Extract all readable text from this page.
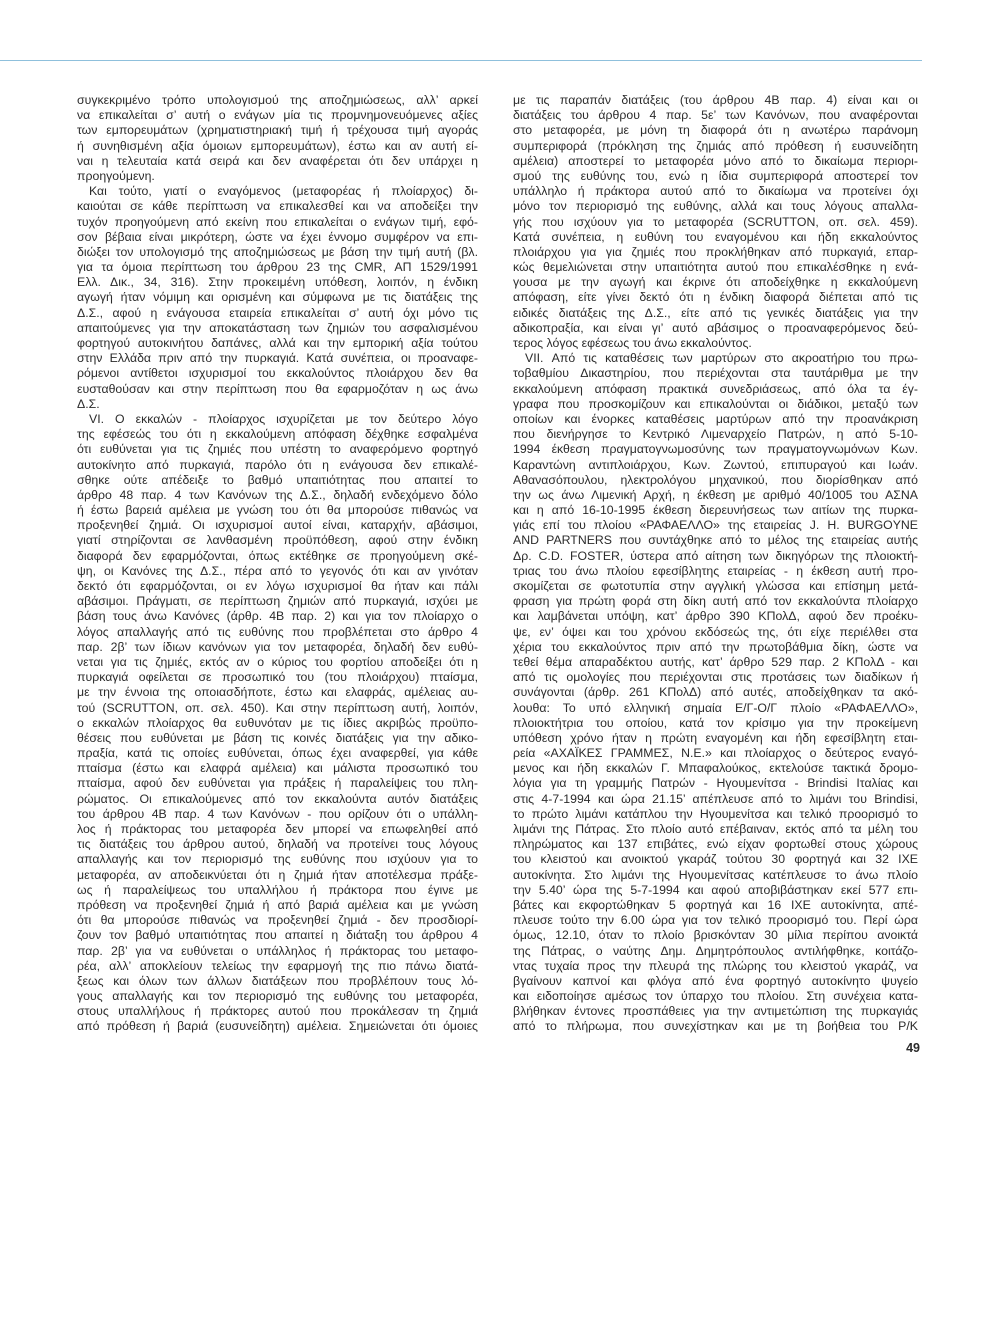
συγκεκριμένο τρόπο υπολογισμού της αποζημιώσεως, αλλ’ αρκεί
να επικαλείται σ’ αυτή ο ενάγων μία τις προμνημονευόμενες αξίες
των εμπορευμάτων (χρηματιστηριακή τιμή ή τρέχουσα τιμή αγοράς
ή συνηθισμένη αξία όμοιων εμπορευμάτων), έστω και αν αυτή εί-
ναι η τελευταία κατά σειρά και δεν αναφέρεται ότι δεν υπάρχει η
προηγούμενη.
Και τούτο, γιατί ο εναγόμενος (μεταφορέας ή πλοίαρχος) δι-
καιούται σε κάθε περίπτωση να επικαλεσθεί και να αποδείξει την
τυχόν προηγούμενη από εκείνη που επικαλείται ο ενάγων τιμή, εφό-
σον βέβαια είναι μικρότερη, ώστε να έχει έννομο συμφέρον να επι-
διώξει τον υπολογισμό της αποζημιώσεως με βάση την τιμή αυτή (βλ.
για τα όμοια περίπτωση του άρθρου 23 της CMR, ΑΠ 1529/1991
Ελλ. Δικ., 34, 316). Στην προκειμένη υπόθεση, λοιπόν, η ένδικη
αγωγή ήταν νόμιμη και ορισμένη και σύμφωνα με τις διατάξεις της
Δ.Σ., αφού η ενάγουσα εταιρεία επικαλείται σ’ αυτή όχι μόνο τις
απαιτούμενες για την αποκατάσταση των ζημιών του ασφαλισμένου
φορτηγού αυτοκινήτου δαπάνες, αλλά και την εμπορική αξία τούτου
στην Ελλάδα πριν από την πυρκαγιά. Κατά συνέπεια, οι προαναφε-
ρόμενοι αντίθετοι ισχυρισμοί του εκκαλούντος πλοιάρχου δεν θα
ευσταθούσαν και στην περίπτωση που θα εφαρμοζόταν η ως άνω
Δ.Σ.
VI. Ο εκκαλών - πλοίαρχος ισχυρίζεται με τον δεύτερο λόγο
της εφέσεώς του ότι η εκκαλούμενη απόφαση δέχθηκε εσφαλμένα
ότι ευθύνεται για τις ζημιές που υπέστη το αναφερόμενο φορτηγό
αυτοκίνητο από πυρκαγιά, παρόλο ότι η ενάγουσα δεν επικαλέ-
σθηκε ούτε απέδειξε το βαθμό υπαιτιότητας που απαιτεί το
άρθρο 48 παρ. 4 των Κανόνων της Δ.Σ., δηλαδή ενδεχόμενο δόλο
ή έστω βαρειά αμέλεια με γνώση του ότι θα μπορούσε πιθανώς να
προξενηθεί ζημιά. Οι ισχυρισμοί αυτοί είναι, καταρχήν, αβάσιμοι,
γιατί στηρίζονται σε λανθασμένη προϋπόθεση, αφού στην ένδικη
διαφορά δεν εφαρμόζονται, όπως εκτέθηκε σε προηγούμενη σκέ-
ψη, οι Κανόνες της Δ.Σ., πέρα από το γεγονός ότι και αν γινόταν
δεκτό ότι εφαρμόζονται, οι εν λόγω ισχυρισμοί θα ήταν και πάλι
αβάσιμοι. Πράγματι, σε περίπτωση ζημιών από πυρκαγιά, ισχύει με
βάση τους άνω Κανόνες (άρθρ. 4Β παρ. 2) και για τον πλοίαρχο ο
λόγος απαλλαγής από τις ευθύνης που προβλέπεται στο άρθρο 4
παρ. 2β’ των ίδιων κανόνων για τον μεταφορέα, δηλαδή δεν ευθύ-
νεται για τις ζημιές, εκτός αν ο κύριος του φορτίου αποδείξει ότι η
πυρκαγιά οφείλεται σε προσωπικό του (του πλοιάρχου) πταίσμα,
με την έννοια της οποιασδήποτε, έστω και ελαφράς, αμέλειας αυ-
τού (SCRUTTON, οπ. σελ. 450). Και στην περίπτωση αυτή, λοιπόν,
ο εκκαλών πλοίαρχος θα ευθυνόταν με τις ίδιες ακριβώς προϋπο-
θέσεις που ευθύνεται με βάση τις κοινές διατάξεις για την αδικο-
πραξία, κατά τις οποίες ευθύνεται, όπως έχει αναφερθεί, για κάθε
πταίσμα (έστω και ελαφρά αμέλεια) και μάλιστα προσωπικό του
πταίσμα, αφού δεν ευθύνεται για πράξεις ή παραλείψεις του πλη-
ρώματος. Οι επικαλούμενες από τον εκκαλούντα αυτόν διατάξεις
του άρθρου 4Β παρ. 4 των Κανόνων - που ορίζουν ότι ο υπάλλη-
λος ή πράκτορας του μεταφορέα δεν μπορεί να επωφεληθεί από
τις διατάξεις του άρθρου αυτού, δηλαδή να προτείνει τους λόγους
απαλλαγής και τον περιορισμό της ευθύνης που ισχύουν για το
μεταφορέα, αν αποδεικνύεται ότι η ζημιά ήταν αποτέλεσμα πράξε-
ως ή παραλείψεως του υπαλλήλου ή πράκτορα που έγινε με
πρόθεση να προξενηθεί ζημιά ή από βαριά αμέλεια και με γνώση
ότι θα μπορούσε πιθανώς να προξενηθεί ζημιά - δεν προσδιορί-
ζουν τον βαθμό υπαιτιότητας που απαιτεί η διάταξη του άρθρου 4
παρ. 2β’ για να ευθύνεται ο υπάλληλος ή πράκτορας του μεταφο-
ρέα, αλλ’ αποκλείουν τελείως την εφαρμογή της πιο πάνω διατά-
ξεως και όλων των άλλων διατάξεων που προβλέπουν τους λό-
γους απαλλαγής και τον περιορισμό της ευθύνης του μεταφορέα,
στους υπαλλήλους ή πράκτορες αυτού που προκάλεσαν τη ζημιά
από πρόθεση ή βαριά (ευσυνείδητη) αμέλεια. Σημειώνεται ότι όμοιες
με τις παραπάν διατάξεις (του άρθρου 4Β παρ. 4) είναι και οι
διατάξεις του άρθρου 4 παρ. 5ε’ των Κανόνων, που αναφέρονται
στο μεταφορέα, με μόνη τη διαφορά ότι η ανωτέρω παράνομη
συμπεριφορά (πρόκληση της ζημιάς από πρόθεση ή ευσυνείδητη
αμέλεια) αποστερεί το μεταφορέα μόνο από το δικαίωμα περιορι-
σμού της ευθύνης του, ενώ η ίδια συμπεριφορά αποστερεί τον
υπάλληλο ή πράκτορα αυτού από το δικαίωμα να προτείνει όχι
μόνο τον περιορισμό της ευθύνης, αλλά και τους λόγους απαλλα-
γής που ισχύουν για το μεταφορέα (SCRUTTON, οπ. σελ. 459).
Κατά συνέπεια, η ευθύνη του εναγομένου και ήδη εκκαλούντος
πλοιάρχου για για ζημιές που προκλήθηκαν από πυρκαγιά, επαρ-
κώς θεμελιώνεται στην υπαιτιότητα αυτού που επικαλέσθηκε η ενά-
γουσα με την αγωγή και έκρινε ότι αποδείχθηκε η εκκαλούμενη
απόφαση, είτε γίνει δεκτό ότι η ένδικη διαφορά διέπεται από τις
ειδικές διατάξεις της Δ.Σ., είτε από τις γενικές διατάξεις για την
αδικοπραξία, και είναι γι’ αυτό αβάσιμος ο προαναφερόμενος δεύ-
τερος λόγος εφέσεως του άνω εκκαλούντος.
VII. Από τις καταθέσεις των μαρτύρων στο ακροατήριο του πρω-
τοβαθμίου Δικαστηρίου, που περιέχονται στα ταυτάριθμα με την
εκκαλούμενη απόφαση πρακτικά συνεδριάσεως, από όλα τα έγ-
γραφα που προσκομίζουν και επικαλούνται οι διάδικοι, μεταξύ των
οποίων και ένορκες καταθέσεις μαρτύρων από την προανάκριση
που διενήργησε το Κεντρικό Λιμεναρχείο Πατρών, η από 5-10-
1994 έκθεση πραγματογνωμοσύνης των πραγματογνωμόνων Κων.
Καραντώνη αντιπλοιάρχου, Κων. Ζωντού, επιπυραγού και Ιωάν.
Αθανασόπουλου, ηλεκτρολόγου μηχανικού, που διορίσθηκαν από
την ως άνω Λιμενική Αρχή, η έκθεση με αριθμό 40/1005 του ΑΣΝΑ
και η από 16-10-1995 έκθεση διερευνήσεως των αιτίων της πυρκα-
γιάς επί του πλοίου «ΡΑΦΑΕΛΛΟ» της εταιρείας J. H. BURGOYNE
AND PARTNERS που συντάχθηκε από το μέλος της εταιρείας αυτής
Δρ. C.D. FOSTER, ύστερα από αίτηση των δικηγόρων της πλοιοκτή-
τριας του άνω πλοίου εφεσίβλητης εταιρείας - η έκθεση αυτή προ-
σκομίζεται σε φωτοτυπία στην αγγλική γλώσσα και επίσημη μετά-
φραση για πρώτη φορά στη δίκη αυτή από τον εκκαλούντα πλοίαρχο
και λαμβάνεται υπόψη, κατ’ άρθρο 390 ΚΠολΔ, αφού δεν προέκυ-
ψε, εν’ όψει και του χρόνου εκδόσεώς της, ότι είχε περιέλθει στα
χέρια του εκκαλούντος πριν από την πρωτοβάθμια δίκη, ώστε να
τεθεί θέμα απαραδέκτου αυτής, κατ’ άρθρο 529 παρ. 2 ΚΠολΔ - και
από τις ομολογίες που περιέχονται στις προτάσεις των διαδίκων ή
συνάγονται (άρθρ. 261 ΚΠολΔ) από αυτές, αποδείχθηκαν τα ακό-
λουθα: Το υπό ελληνική σημαία Ε/Γ-Ο/Γ πλοίο «ΡΑΦΑΕΛΛΟ»,
πλοιοκτήτρια του οποίου, κατά τον κρίσιμο για την προκείμενη
υπόθεση χρόνο ήταν η πρώτη εναγομένη και ήδη εφεσίβλητη εται-
ρεία «ΑΧΑΪΚΕΣ ΓΡΑΜΜΕΣ, Ν.Ε.» και πλοίαρχος ο δεύτερος εναγό-
μενος και ήδη εκκαλών Γ. Μπαφαλούκος, εκτελούσε τακτικά δρομο-
λόγια για τη γραμμής Πατρών - Ηγουμενίτσα - Brindisi Ιταλίας και
στις 4-7-1994 και ώρα 21.15’ απέπλευσε από το λιμάνι του Brindisi,
το πρώτο λιμάνι κατάπλου την Ηγουμενίτσα και τελικό προορισμό το
λιμάνι της Πάτρας. Στο πλοίο αυτό επέβαιναν, εκτός από τα μέλη του
πληρώματος και 137 επιβάτες, ενώ είχαν φορτωθεί στους χώρους
του κλειστού και ανοικτού γκαράζ τούτου 30 φορτηγά και 32 ΙΧΕ
αυτοκίνητα. Στο λιμάνι της Ηγουμενίτσας κατέπλευσε το άνω πλοίο
την 5.40’ ώρα της 5-7-1994 και αφού αποβιβάστηκαν εκεί 577 επι-
βάτες και εκφορτώθηκαν 5 φορτηγά και 16 ΙΧΕ αυτοκίνητα, απέ-
πλευσε τούτο την 6.00 ώρα για τον τελικό προορισμό του. Περί ώρα
όμως, 12.10, όταν το πλοίο βρισκόνταν 30 μίλια περίπου ανοικτά
της Πάτρας, ο ναύτης Δημ. Δημητρόπουλος αντιλήφθηκε, κοιτάζο-
ντας τυχαία προς την πλευρά της πλώρης του κλειστού γκαράζ, να
βγαίνουν καπνοί και φλόγα από ένα φορτηγό αυτοκίνητο ψυγείο
και ειδοποίησε αμέσως τον ύπαρχο του πλοίου. Στη συνέχεια κατα-
βλήθηκαν έντονες προσπάθειες για την αντιμετώπιση της πυρκαγιάς
από το πλήρωμα, που συνεχίστηκαν και με τη βοήθεια του Ρ/Κ
49
